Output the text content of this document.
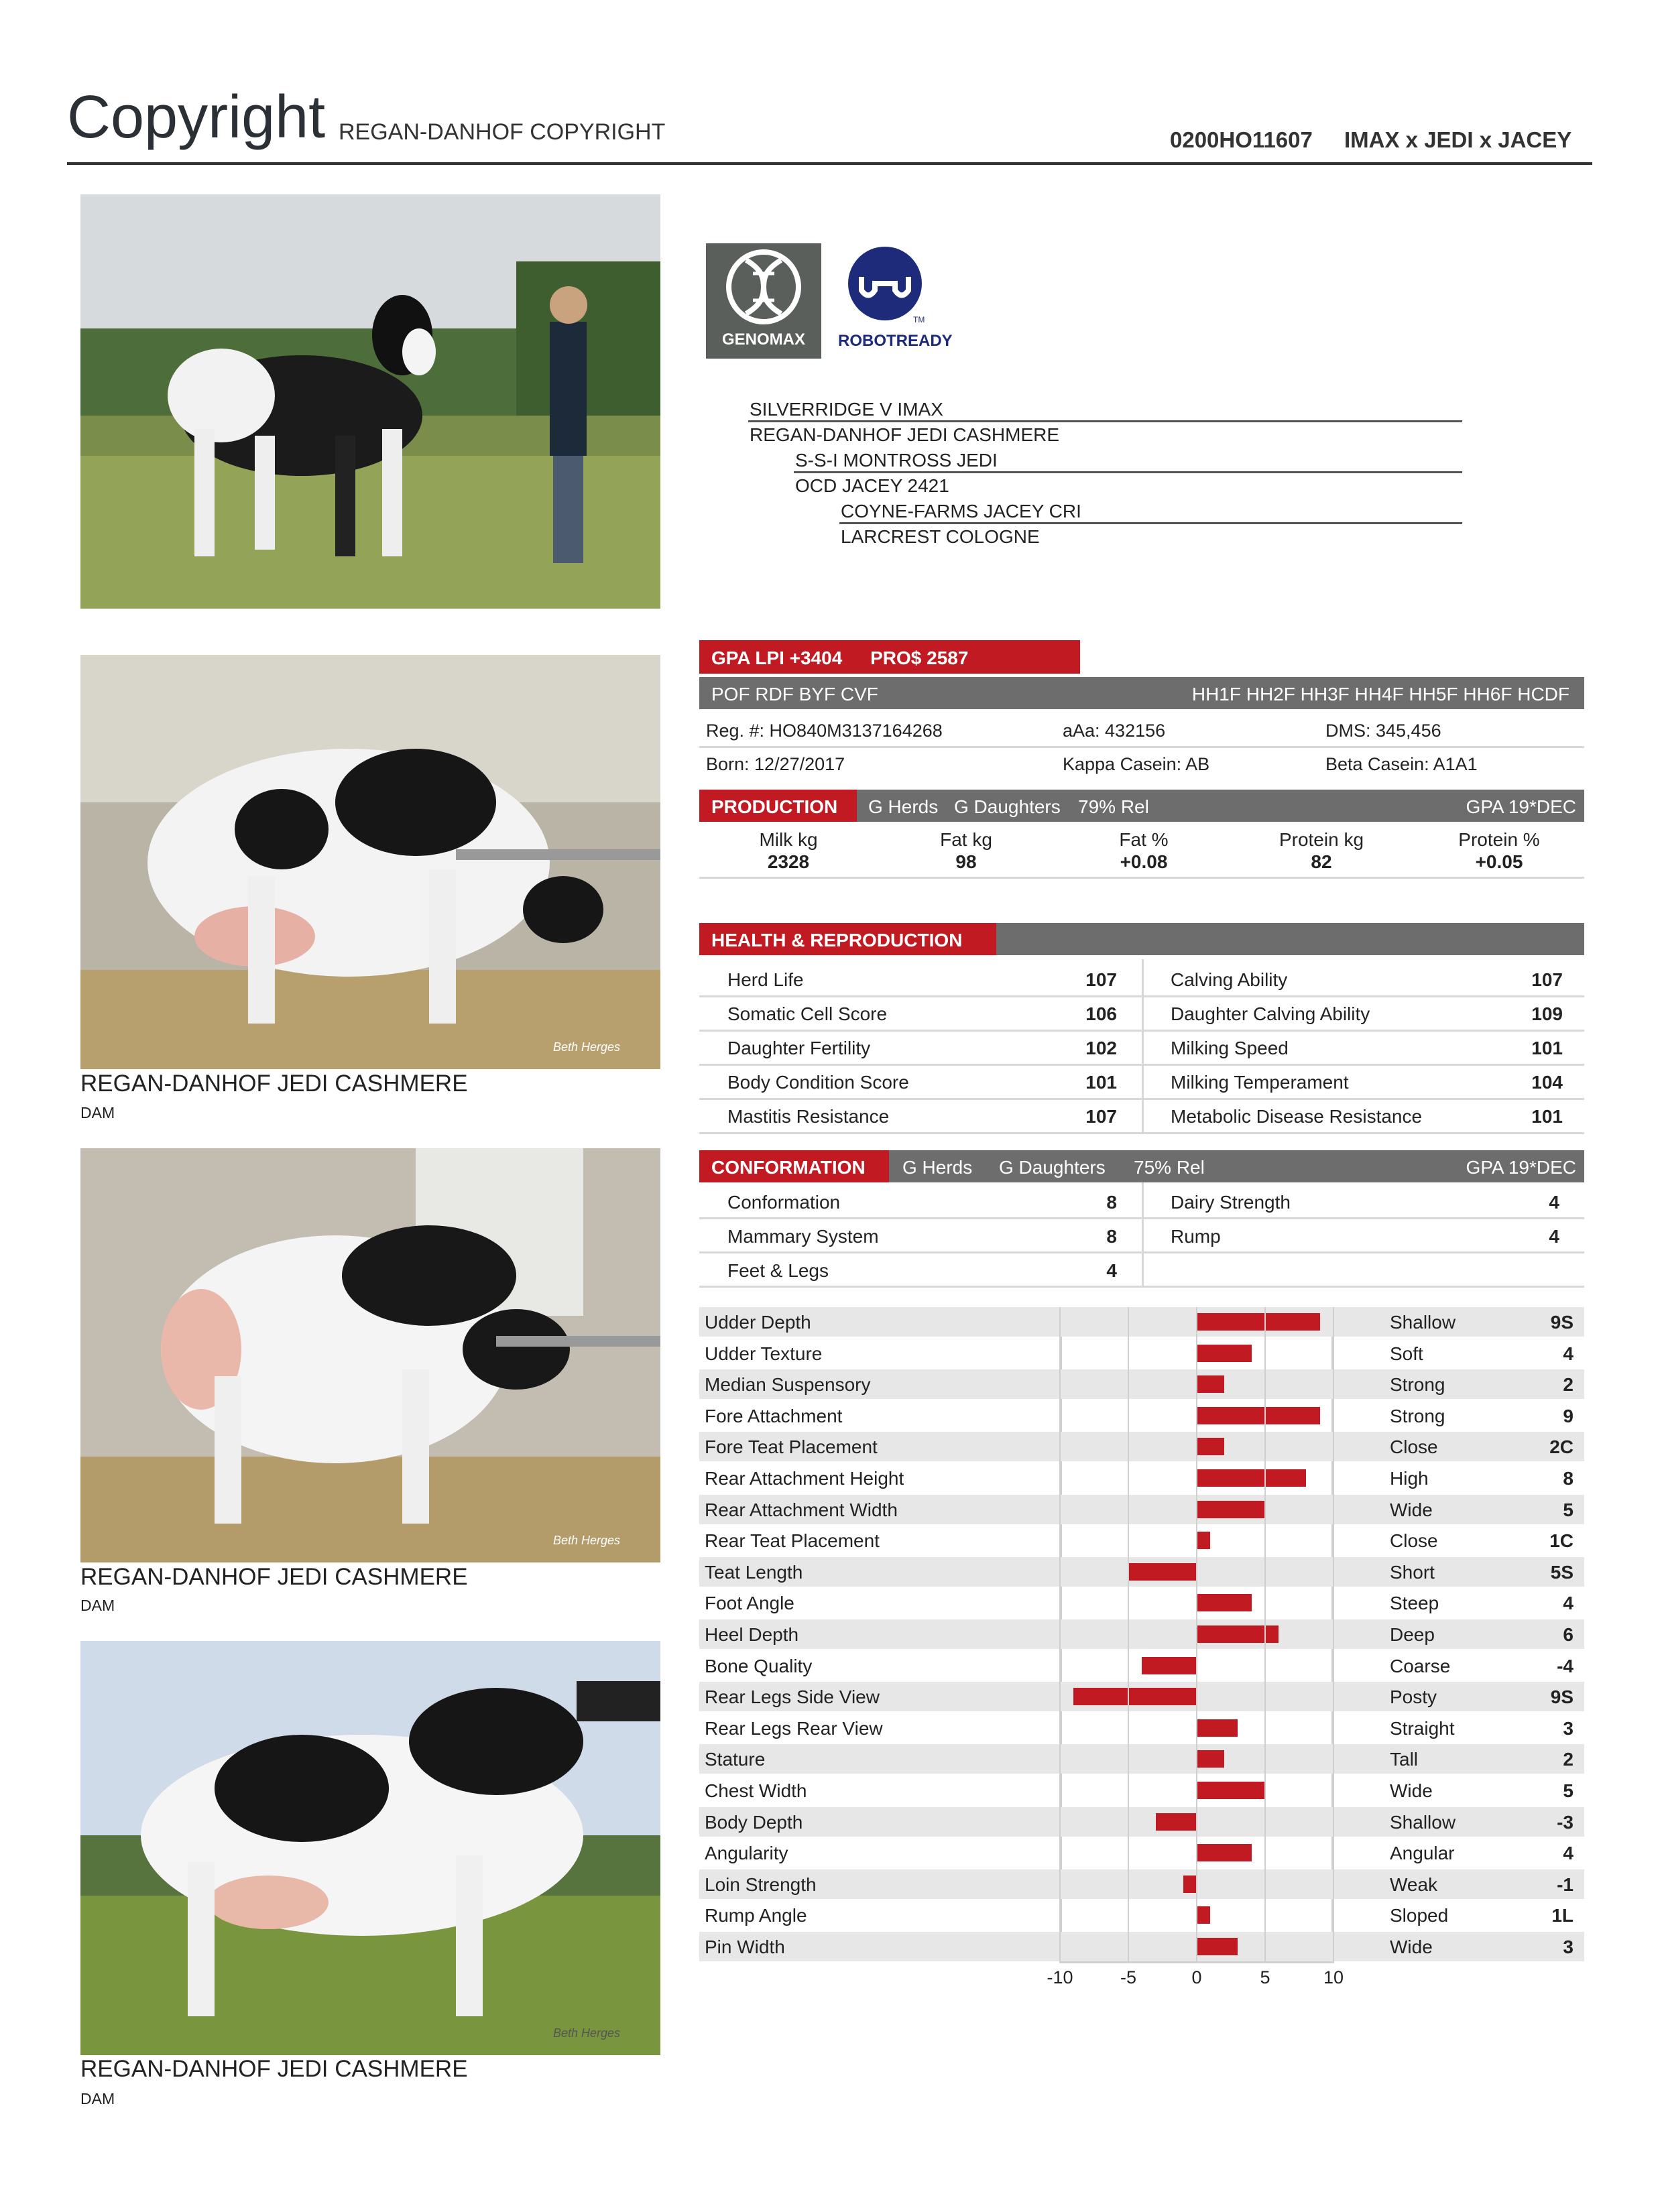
Copyright REGAN-DANHOF COPYRIGHT	0200HO11607 IMAX x JEDI x JACEY
GENOMAX
TM
ROBOTREADY
SILVERRIDGE V IMAX
REGAN-DANHOF JEDI CASHMERE
S-S-I MONTROSS JEDI
OCD JACEY 2421
COYNE-FARMS JACEY CRI
LARCREST COLOGNE
Beth Herges
REGAN-DANHOF JEDI CASHMERE
DAM
Beth Herges
REGAN-DANHOF JEDI CASHMERE
DAM
Beth Herges
REGAN-DANHOF JEDI CASHMERE
DAM
GPA LPI +3404 PRO$ 2587
POF RDF BYF CVF	HH1F HH2F HH3F HH4F HH5F HH6F HCDF
Reg. #: HO840M3137164268	aAa: 432156	DMS: 345,456
Born: 12/27/2017	Kappa Casein: AB	Beta Casein: A1A1
PRODUCTION	G Herds G Daughters 79% Rel	GPA 19*DEC
Milk kg
2328
Fat kg
98
Fat %
+0.08
Protein kg
82
Protein %
+0.05
HEALTH & REPRODUCTION
Herd Life	107	Calving Ability	107
Somatic Cell Score	106	Daughter Calving Ability	109
Daughter Fertility	102	Milking Speed	101
Body Condition Score	101	Milking Temperament	104
Mastitis Resistance	107	Metabolic Disease Resistance	101
CONFORMATION	G Herds G Daughters 75% Rel	GPA 19*DEC
Conformation	8	Dairy Strength	4
Mammary System	8	Rump	4
Feet & Legs	4
Udder Depth	Shallow	9S
Udder Texture	Soft	4
Median Suspensory	Strong	2
Fore Attachment	Strong	9
Fore Teat Placement	Close	2C
Rear Attachment Height	High	8
Rear Attachment Width	Wide	5
Rear Teat Placement	Close	1C
Teat Length	Short	5S
Foot Angle	Steep	4
Heel Depth	Deep	6
Bone Quality	Coarse	-4
Rear Legs Side View	Posty	9S
Rear Legs Rear View	Straight	3
Stature	Tall	2
Chest Width	Wide	5
Body Depth	Shallow	-3
Angularity	Angular	4
Loin Strength	Weak	-1
Rump Angle	Sloped	1L
Pin Width	Wide	3
-10	-5	0	5	10
